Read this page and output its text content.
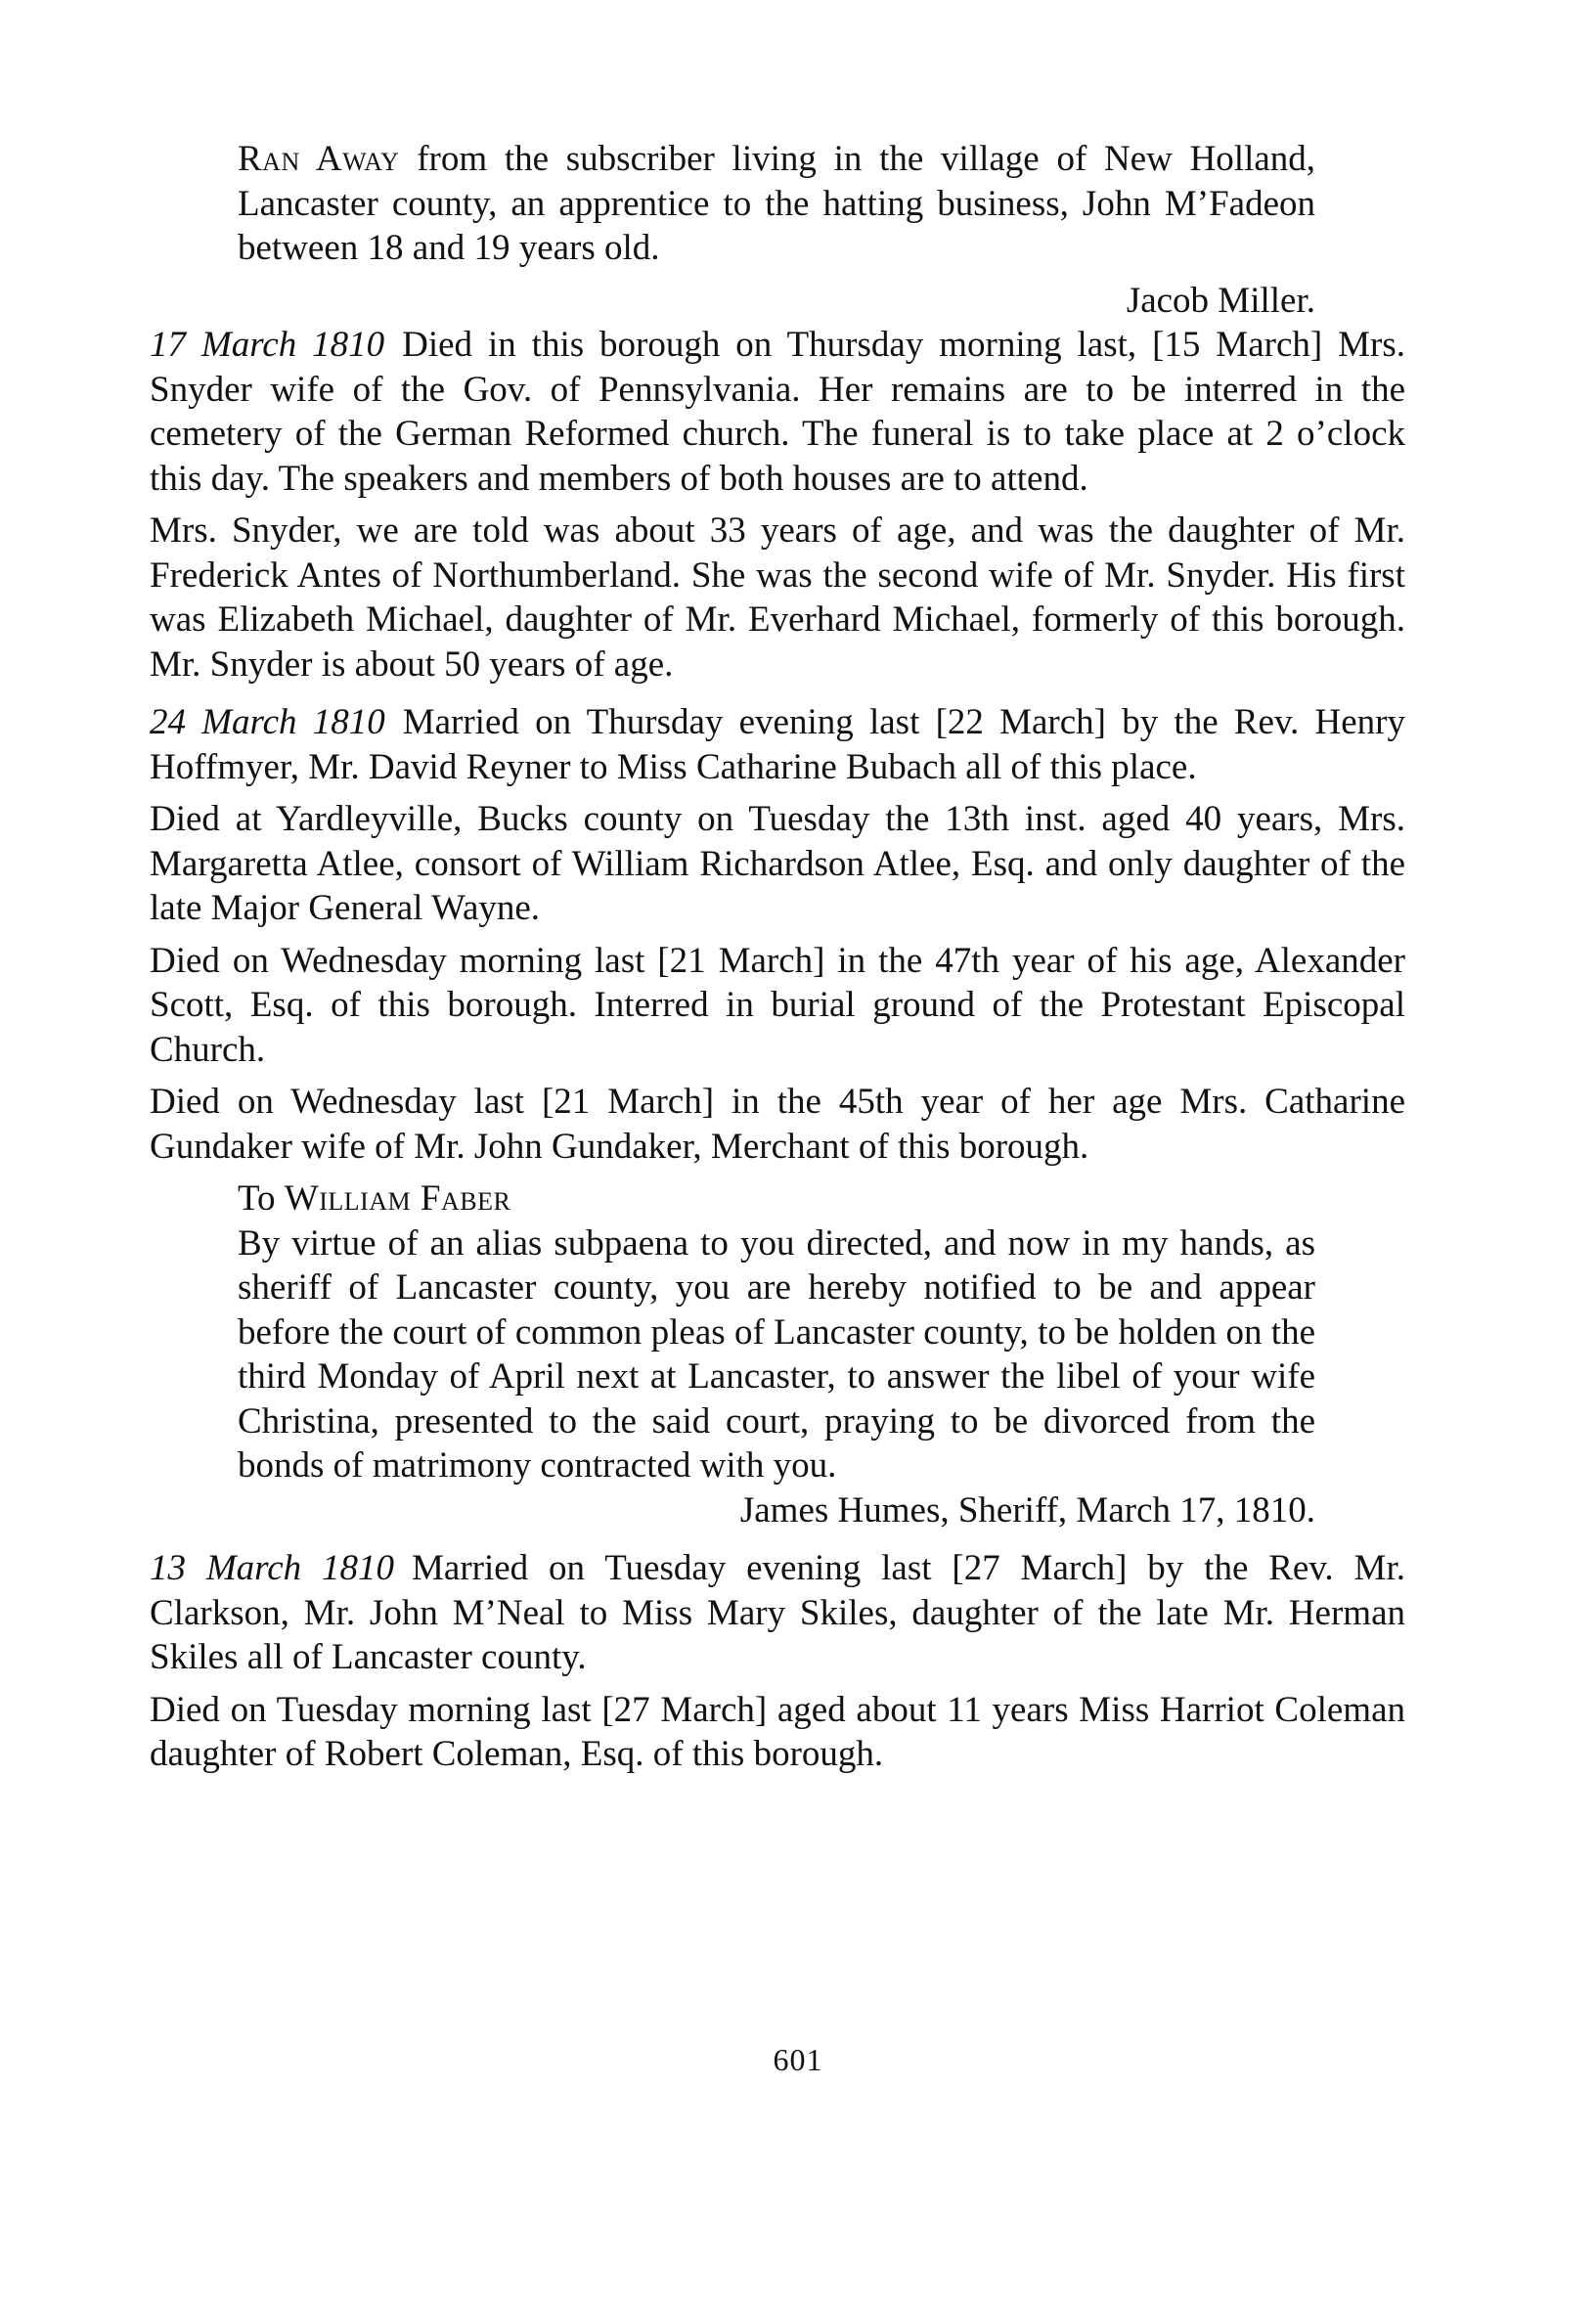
Ran Away from the subscriber living in the village of New Holland, Lancaster county, an apprentice to the hatting business, John M’Fadeon between 18 and 19 years old.

Jacob Miller.

17 March 1810 Died in this borough on Thursday morning last, [15 March] Mrs. Snyder wife of the Gov. of Pennsylvania. Her remains are to be interred in the cemetery of the German Reformed church. The funeral is to take place at 2 o’clock this day. The speakers and members of both houses are to attend.

Mrs. Snyder, we are told was about 33 years of age, and was the daughter of Mr. Frederick Antes of Northumberland. She was the second wife of Mr. Snyder. His first was Elizabeth Michael, daughter of Mr. Everhard Michael, formerly of this borough. Mr. Snyder is about 50 years of age.

24 March 1810 Married on Thursday evening last [22 March] by the Rev. Henry Hoffmyer, Mr. David Reyner to Miss Catharine Bubach all of this place.

Died at Yardleyville, Bucks county on Tuesday the 13th inst. aged 40 years, Mrs. Margaretta Atlee, consort of William Richardson Atlee, Esq. and only daughter of the late Major General Wayne.

Died on Wednesday morning last [21 March] in the 47th year of his age, Alexander Scott, Esq. of this borough. Interred in burial ground of the Protestant Episcopal Church.

Died on Wednesday last [21 March] in the 45th year of her age Mrs. Catharine Gundaker wife of Mr. John Gundaker, Merchant of this borough.

To William Faber

By virtue of an alias subpaena to you directed, and now in my hands, as sheriff of Lancaster county, you are hereby notified to be and appear before the court of common pleas of Lancaster county, to be holden on the third Monday of April next at Lancaster, to answer the libel of your wife Christina, presented to the said court, praying to be divorced from the bonds of matrimony contracted with you.

James Humes, Sheriff, March 17, 1810.

13 March 1810 Married on Tuesday evening last [27 March] by the Rev. Mr. Clarkson, Mr. John M’Neal to Miss Mary Skiles, daughter of the late Mr. Herman Skiles all of Lancaster county.

Died on Tuesday morning last [27 March] aged about 11 years Miss Harriot Coleman daughter of Robert Coleman, Esq. of this borough.

601
